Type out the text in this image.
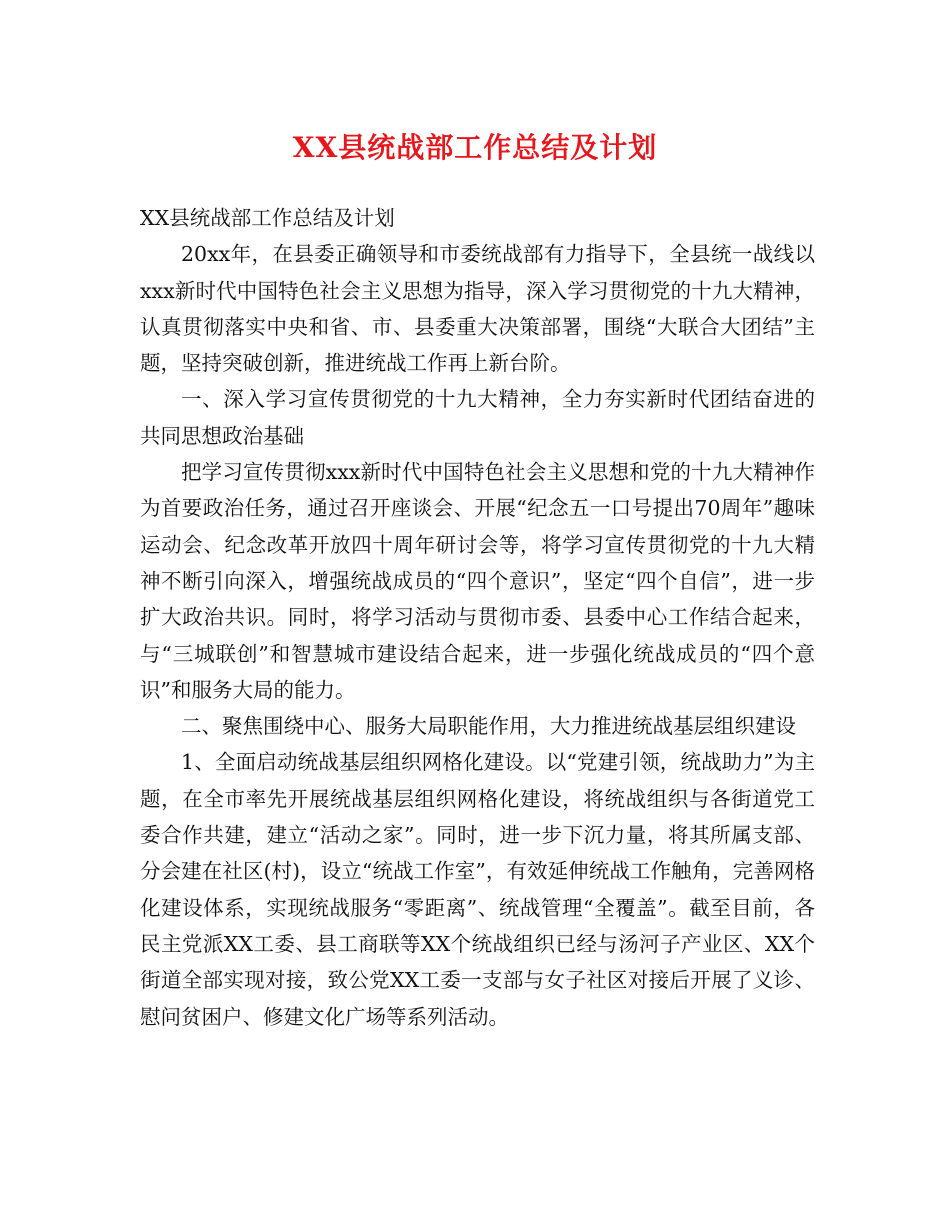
XX县统战部工作总结及计划

XX县统战部工作总结及计划

20xx年，在县委正确领导和市委统战部有力指导下，全县统一战线以xxx新时代中国特色社会主义思想为指导，深入学习贯彻党的十九大精神，认真贯彻落实中央和省、市、县委重大决策部署，围绕“大联合大团结”主题，坚持突破创新，推进统战工作再上新台阶。

一、深入学习宣传贯彻党的十九大精神，全力夯实新时代团结奋进的共同思想政治基础

把学习宣传贯彻xxx新时代中国特色社会主义思想和党的十九大精神作为首要政治任务，通过召开座谈会、开展“纪念五一口号提出70周年”趣味运动会、纪念改革开放四十周年研讨会等，将学习宣传贯彻党的十九大精神不断引向深入，增强统战成员的“四个意识”，坚定“四个自信”，进一步扩大政治共识。同时，将学习活动与贯彻市委、县委中心工作结合起来，与“三城联创”和智慧城市建设结合起来，进一步强化统战成员的“四个意识”和服务大局的能力。

二、聚焦围绕中心、服务大局职能作用，大力推进统战基层组织建设

1、全面启动统战基层组织网格化建设。以“党建引领，统战助力”为主题，在全市率先开展统战基层组织网格化建设，将统战组织与各街道党工委合作共建，建立“活动之家”。同时，进一步下沉力量，将其所属支部、分会建在社区(村)，设立“统战工作室”，有效延伸统战工作触角，完善网格化建设体系，实现统战服务“零距离”、统战管理“全覆盖”。截至目前，各民主党派XX工委、县工商联等XX个统战组织已经与汤河子产业区、XX个街道全部实现对接，致公党XX工委一支部与女子社区对接后开展了义诊、慰问贫困户、修建文化广场等系列活动。
